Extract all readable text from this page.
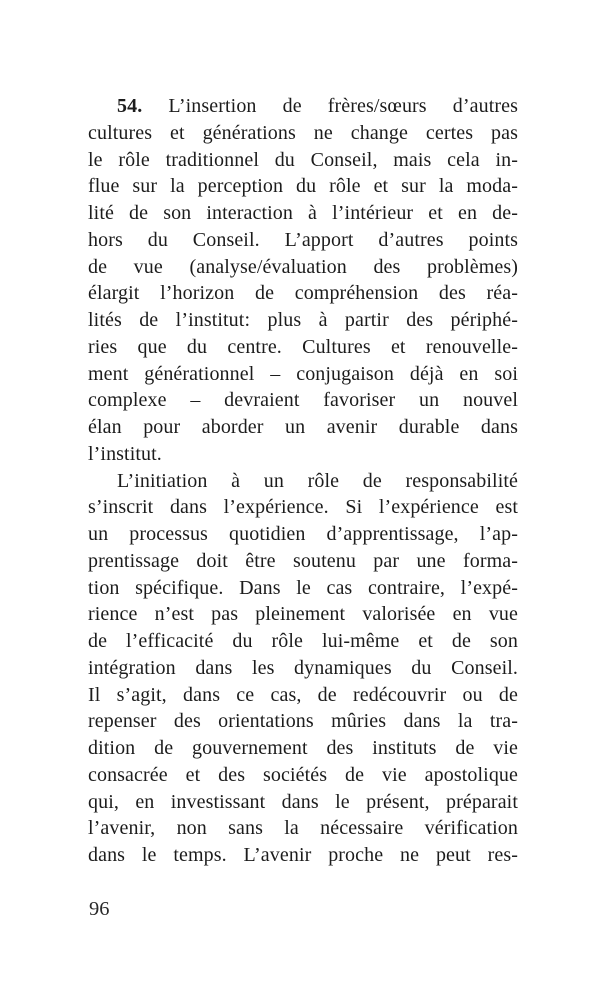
54. L’insertion de frères/sœurs d’autres
cultures et générations ne change certes pas
le rôle traditionnel du Conseil, mais cela in-
flue sur la perception du rôle et sur la moda-
lité de son interaction à l’intérieur et en de-
hors du Conseil. L’apport d’autres points
de vue (analyse/évaluation des problèmes)
élargit l’horizon de compréhension des réa-
lités de l’institut: plus à partir des périphé-
ries que du centre. Cultures et renouvelle-
ment générationnel – conjugaison déjà en soi
complexe – devraient favoriser un nouvel
élan pour aborder un avenir durable dans
l’institut.

L’initiation à un rôle de responsabilité
s’inscrit dans l’expérience. Si l’expérience est
un processus quotidien d’apprentissage, l’ap-
prentissage doit être soutenu par une forma-
tion spécifique. Dans le cas contraire, l’expé-
rience n’est pas pleinement valorisée en vue
de l’efficacité du rôle lui-même et de son
intégration dans les dynamiques du Conseil.
Il s’agit, dans ce cas, de redécouvrir ou de
repenser des orientations mûries dans la tra-
dition de gouvernement des instituts de vie
consacrée et des sociétés de vie apostolique
qui, en investissant dans le présent, préparait
l’avenir, non sans la nécessaire vérification
dans le temps. L’avenir proche ne peut res-

96
